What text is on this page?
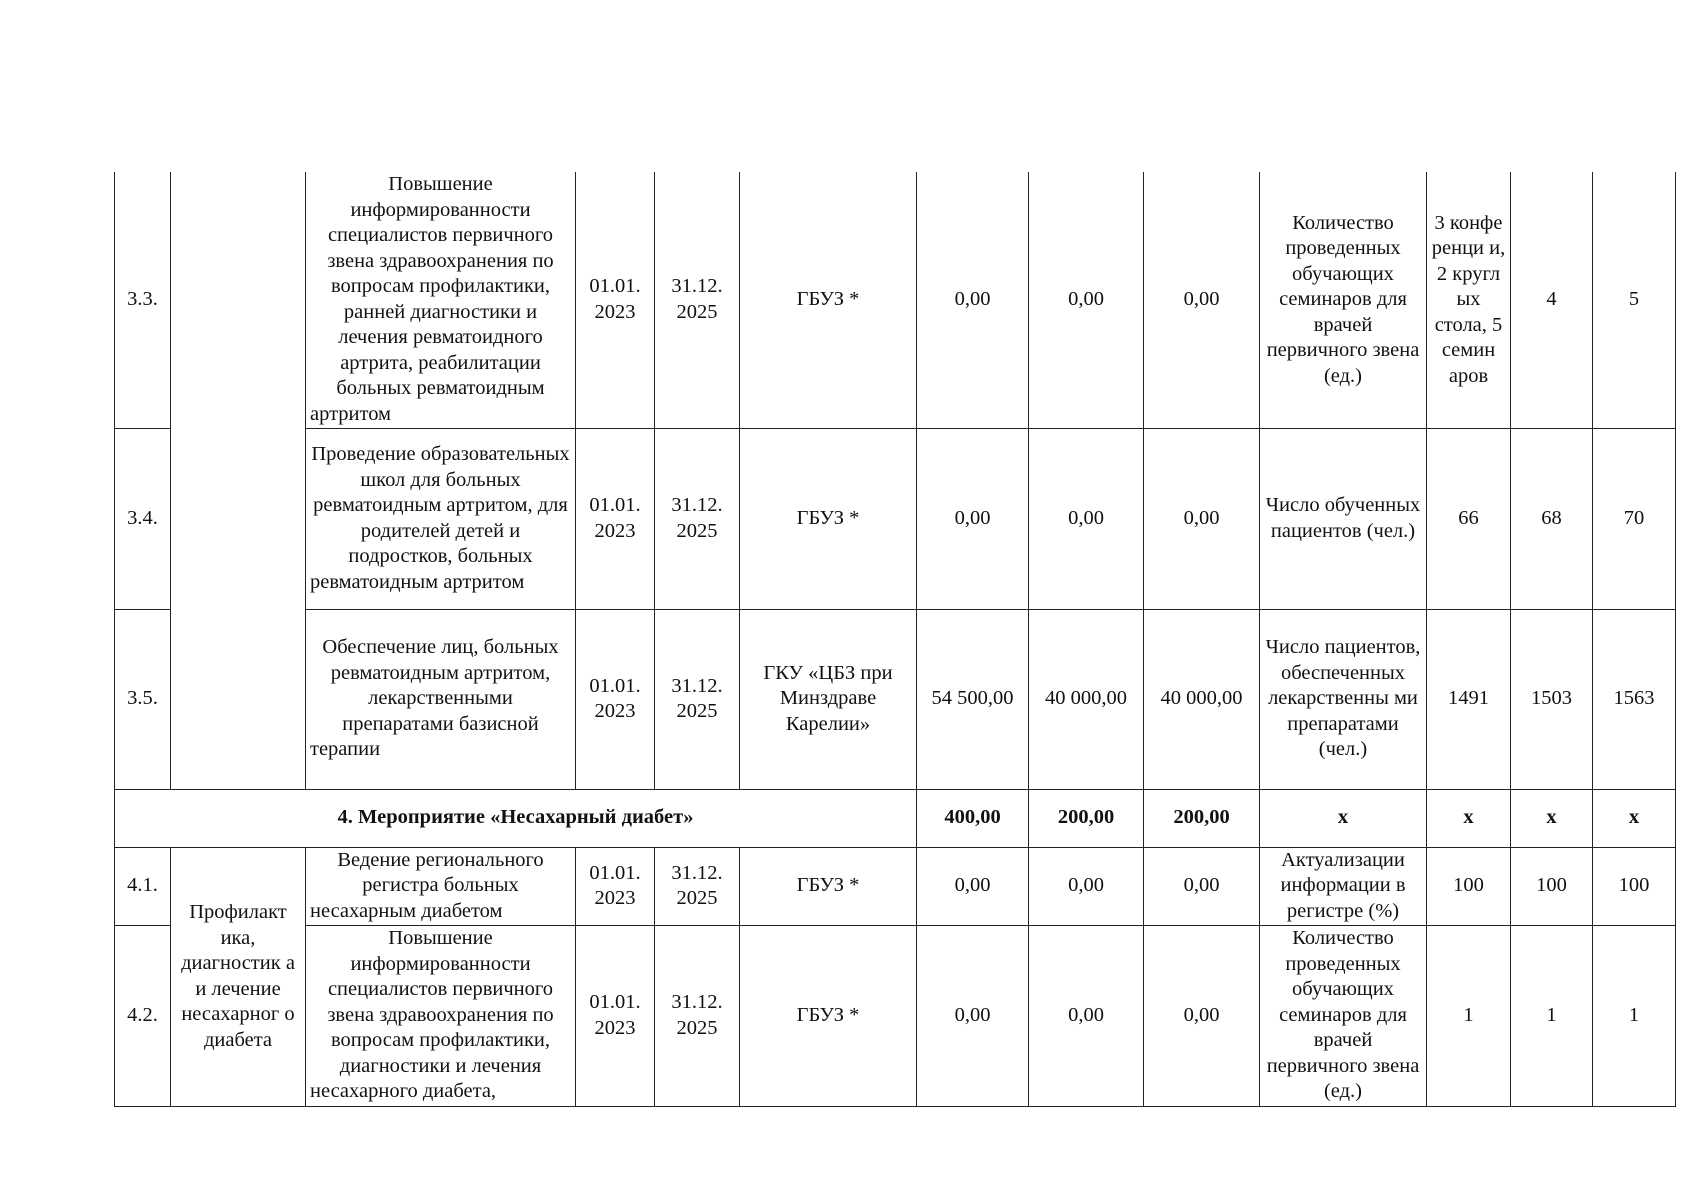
3.3.		Повышение информированности специалистов первичного звена здравоохранения по вопросам профилактики, ранней диагностики и лечения ревматоидного артрита, реабилитации больных ревматоидным артритом	01.01. 2023	31.12. 2025	ГБУЗ *	0,00	0,00	0,00	Количество проведенных обучающих семинаров для врачей первичного звена (ед.)	3 конфе ренци и, 2 кругл ых стола, 5 семин аров	4	5
3.4.		Проведение образовательных школ для больных ревматоидным артритом, для родителей детей и подростков, больных ревматоидным артритом	01.01. 2023	31.12. 2025	ГБУЗ *	0,00	0,00	0,00	Число обученных пациентов (чел.)	66	68	70
3.5.		Обеспечение лиц, больных ревматоидным артритом, лекарственными препаратами базисной терапии	01.01. 2023	31.12. 2025	ГКУ «ЦБЗ при Минздраве Карелии»	54 500,00	40 000,00	40 000,00	Число пациентов, обеспеченных лекарственны ми препаратами (чел.)	1491	1503	1563
4. Мероприятие «Несахарный диабет»						400,00	200,00	200,00	х	х	х	х
4.1.	Профилакт ика, диагностик а и лечение несахарног о диабета	Ведение регионального регистра больных несахарным диабетом	01.01. 2023	31.12. 2025	ГБУЗ *	0,00	0,00	0,00	Актуализации информации в регистре (%)	100	100	100
4.2.		Повышение информированности специалистов первичного звена здравоохранения по вопросам профилактики, диагностики и лечения несахарного диабета,	01.01. 2023	31.12. 2025	ГБУЗ *	0,00	0,00	0,00	Количество проведенных обучающих семинаров для врачей первичного звена (ед.)	1	1	1
